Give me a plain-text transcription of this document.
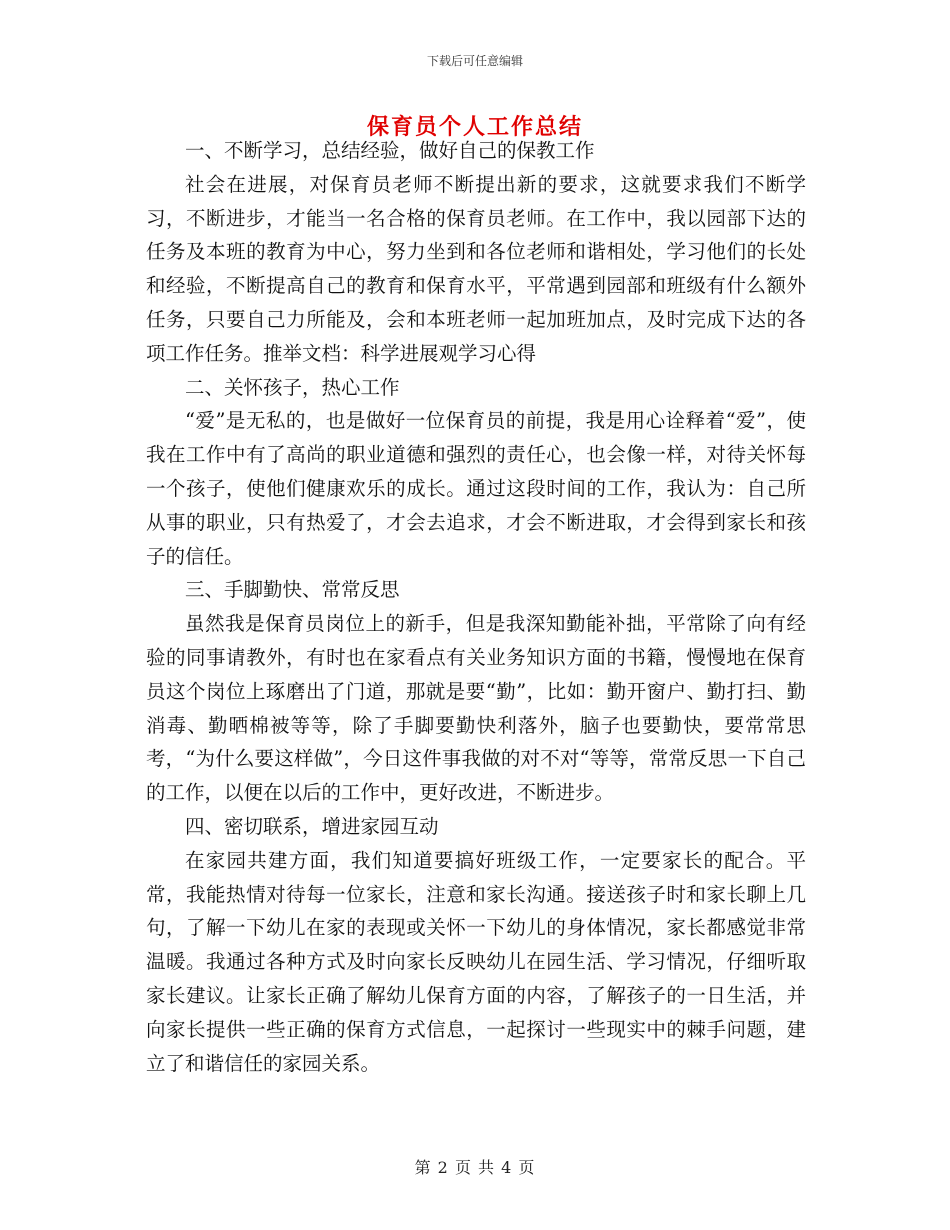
下载后可任意编辑
保育员个人工作总结

一、不断学习，总结经验，做好自己的保教工作

社会在进展，对保育员老师不断提出新的要求，这就要求我们不断学习，不断进步，才能当一名合格的保育员老师。在工作中，我以园部下达的任务及本班的教育为中心，努力坐到和各位老师和谐相处，学习他们的长处和经验，不断提高自己的教育和保育水平，平常遇到园部和班级有什么额外任务，只要自己力所能及，会和本班老师一起加班加点，及时完成下达的各项工作任务。推举文档：科学进展观学习心得

二、关怀孩子，热心工作

“爱”是无私的，也是做好一位保育员的前提，我是用心诠释着“爱”，使我在工作中有了高尚的职业道德和强烈的责任心，也会像一样，对待关怀每一个孩子，使他们健康欢乐的成长。通过这段时间的工作，我认为：自己所从事的职业，只有热爱了，才会去追求，才会不断进取，才会得到家长和孩子的信任。

三、手脚勤快、常常反思

虽然我是保育员岗位上的新手，但是我深知勤能补拙，平常除了向有经验的同事请教外，有时也在家看点有关业务知识方面的书籍，慢慢地在保育员这个岗位上琢磨出了门道，那就是要“勤”，比如：勤开窗户、勤打扫、勤消毒、勤晒棉被等等，除了手脚要勤快利落外，脑子也要勤快，要常常思考，“为什么要这样做”，今日这件事我做的对不对“等等，常常反思一下自己的工作，以便在以后的工作中，更好改进，不断进步。

四、密切联系，增进家园互动

在家园共建方面，我们知道要搞好班级工作，一定要家长的配合。平常，我能热情对待每一位家长，注意和家长沟通。接送孩子时和家长聊上几句，了解一下幼儿在家的表现或关怀一下幼儿的身体情况，家长都感觉非常温暖。我通过各种方式及时向家长反映幼儿在园生活、学习情况，仔细听取家长建议。让家长正确了解幼儿保育方面的内容，了解孩子的一日生活，并向家长提供一些正确的保育方式信息，一起探讨一些现实中的棘手问题，建立了和谐信任的家园关系。

第 2 页 共 4 页
